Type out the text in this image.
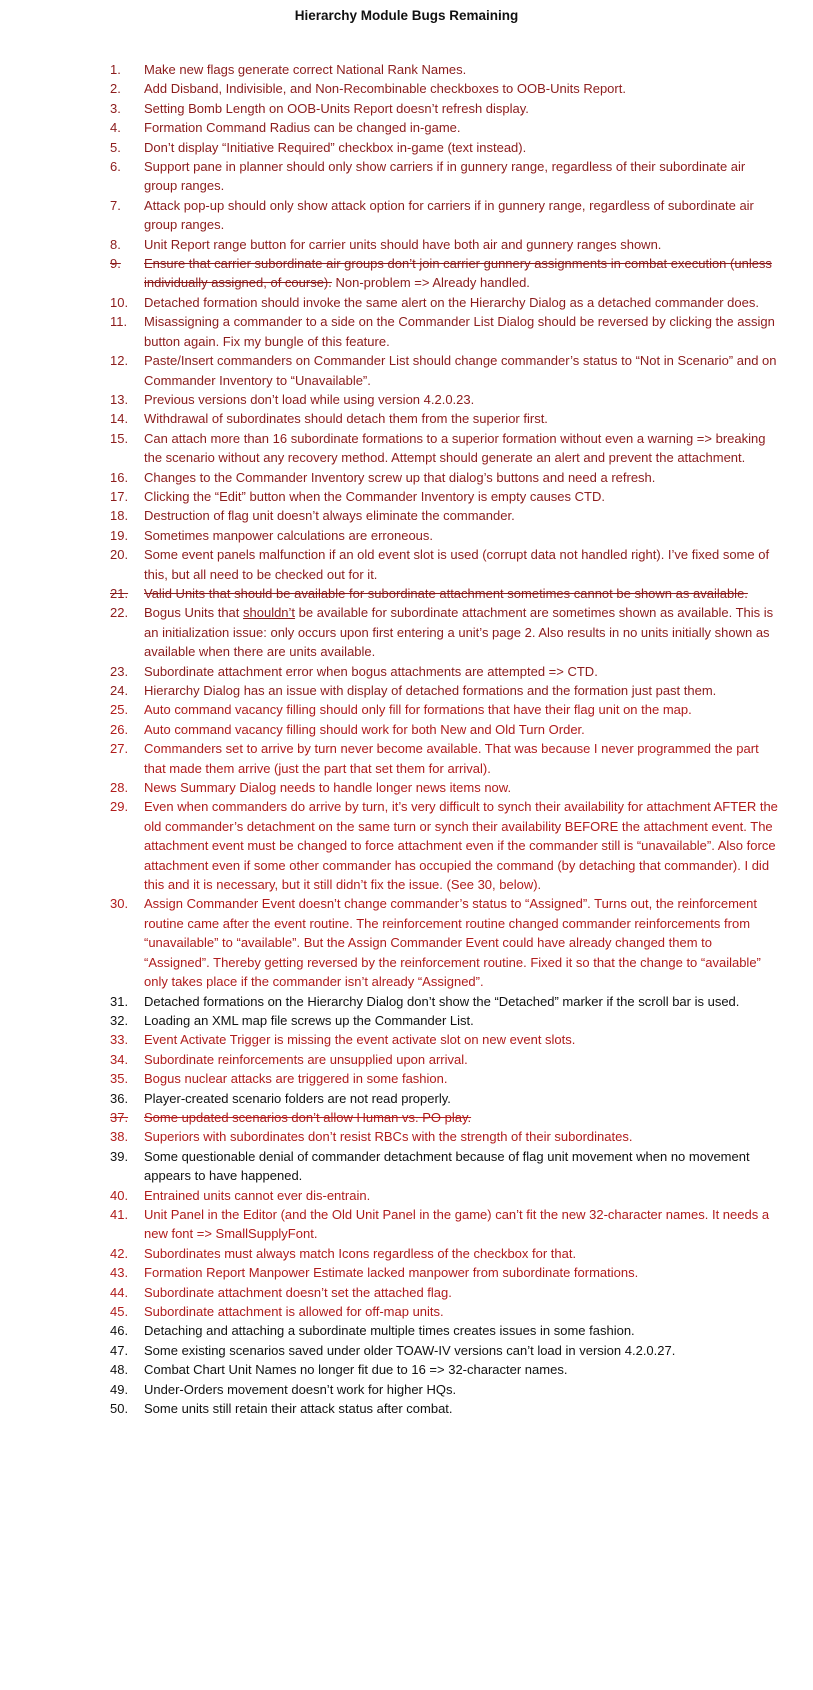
Hierarchy Module Bugs Remaining
1.	Make new flags generate correct National Rank Names.
2.	Add Disband, Indivisible, and Non-Recombinable checkboxes to OOB-Units Report.
3.	Setting Bomb Length on OOB-Units Report doesn’t refresh display.
4.	Formation Command Radius can be changed in-game.
5.	Don’t display “Initiative Required” checkbox in-game (text instead).
6.	Support pane in planner should only show carriers if in gunnery range, regardless of their subordinate air group ranges.
7.	Attack pop-up should only show attack option for carriers if in gunnery range, regardless of subordinate air group ranges.
8.	Unit Report range button for carrier units should have both air and gunnery ranges shown.
9.	Ensure that carrier subordinate air groups don’t join carrier gunnery assignments in combat execution (unless individually assigned, of course). Non-problem => Already handled.
10.	Detached formation should invoke the same alert on the Hierarchy Dialog as a detached commander does.
11.	Misassigning a commander to a side on the Commander List Dialog should be reversed by clicking the assign button again. Fix my bungle of this feature.
12.	Paste/Insert commanders on Commander List should change commander’s status to “Not in Scenario” and on Commander Inventory to “Unavailable”.
13.	Previous versions don’t load while using version 4.2.0.23.
14.	Withdrawal of subordinates should detach them from the superior first.
15.	Can attach more than 16 subordinate formations to a superior formation without even a warning => breaking the scenario without any recovery method. Attempt should generate an alert and prevent the attachment.
16.	Changes to the Commander Inventory screw up that dialog’s buttons and need a refresh.
17.	Clicking the “Edit” button when the Commander Inventory is empty causes CTD.
18.	Destruction of flag unit doesn’t always eliminate the commander.
19.	Sometimes manpower calculations are erroneous.
20.	Some event panels malfunction if an old event slot is used (corrupt data not handled right). I’ve fixed some of this, but all need to be checked out for it.
21.	Valid Units that should be available for subordinate attachment sometimes cannot be shown as available.
22.	Bogus Units that shouldn’t be available for subordinate attachment are sometimes shown as available. This is an initialization issue: only occurs upon first entering a unit’s page 2. Also results in no units initially shown as available when there are units available.
23.	Subordinate attachment error when bogus attachments are attempted => CTD.
24.	Hierarchy Dialog has an issue with display of detached formations and the formation just past them.
25.	Auto command vacancy filling should only fill for formations that have their flag unit on the map.
26.	Auto command vacancy filling should work for both New and Old Turn Order.
27.	Commanders set to arrive by turn never become available. That was because I never programmed the part that made them arrive (just the part that set them for arrival).
28.	News Summary Dialog needs to handle longer news items now.
29.	Even when commanders do arrive by turn, it’s very difficult to synch their availability for attachment AFTER the old commander’s detachment on the same turn or synch their availability BEFORE the attachment event. The attachment event must be changed to force attachment even if the commander still is “unavailable”. Also force attachment even if some other commander has occupied the command (by detaching that commander). I did this and it is necessary, but it still didn’t fix the issue. (See 30, below).
30.	Assign Commander Event doesn’t change commander’s status to “Assigned”. Turns out, the reinforcement routine came after the event routine. The reinforcement routine changed commander reinforcements from “unavailable” to “available”. But the Assign Commander Event could have already changed them to “Assigned”. Thereby getting reversed by the reinforcement routine. Fixed it so that the change to “available” only takes place if the commander isn’t already “Assigned”.
31.	Detached formations on the Hierarchy Dialog don’t show the “Detached” marker if the scroll bar is used.
32.	Loading an XML map file screws up the Commander List.
33.	Event Activate Trigger is missing the event activate slot on new event slots.
34.	Subordinate reinforcements are unsupplied upon arrival.
35.	Bogus nuclear attacks are triggered in some fashion.
36.	Player-created scenario folders are not read properly.
37.	Some updated scenarios don’t allow Human vs. PO play.
38.	Superiors with subordinates don’t resist RBCs with the strength of their subordinates.
39.	Some questionable denial of commander detachment because of flag unit movement when no movement appears to have happened.
40.	Entrained units cannot ever dis-entrain.
41.	Unit Panel in the Editor (and the Old Unit Panel in the game) can’t fit the new 32-character names. It needs a new font => SmallSupplyFont.
42.	Subordinates must always match Icons regardless of the checkbox for that.
43.	Formation Report Manpower Estimate lacked manpower from subordinate formations.
44.	Subordinate attachment doesn’t set the attached flag.
45.	Subordinate attachment is allowed for off-map units.
46.	Detaching and attaching a subordinate multiple times creates issues in some fashion.
47.	Some existing scenarios saved under older TOAW-IV versions can’t load in version 4.2.0.27.
48.	Combat Chart Unit Names no longer fit due to 16 => 32-character names.
49.	Under-Orders movement doesn’t work for higher HQs.
50.	Some units still retain their attack status after combat.
